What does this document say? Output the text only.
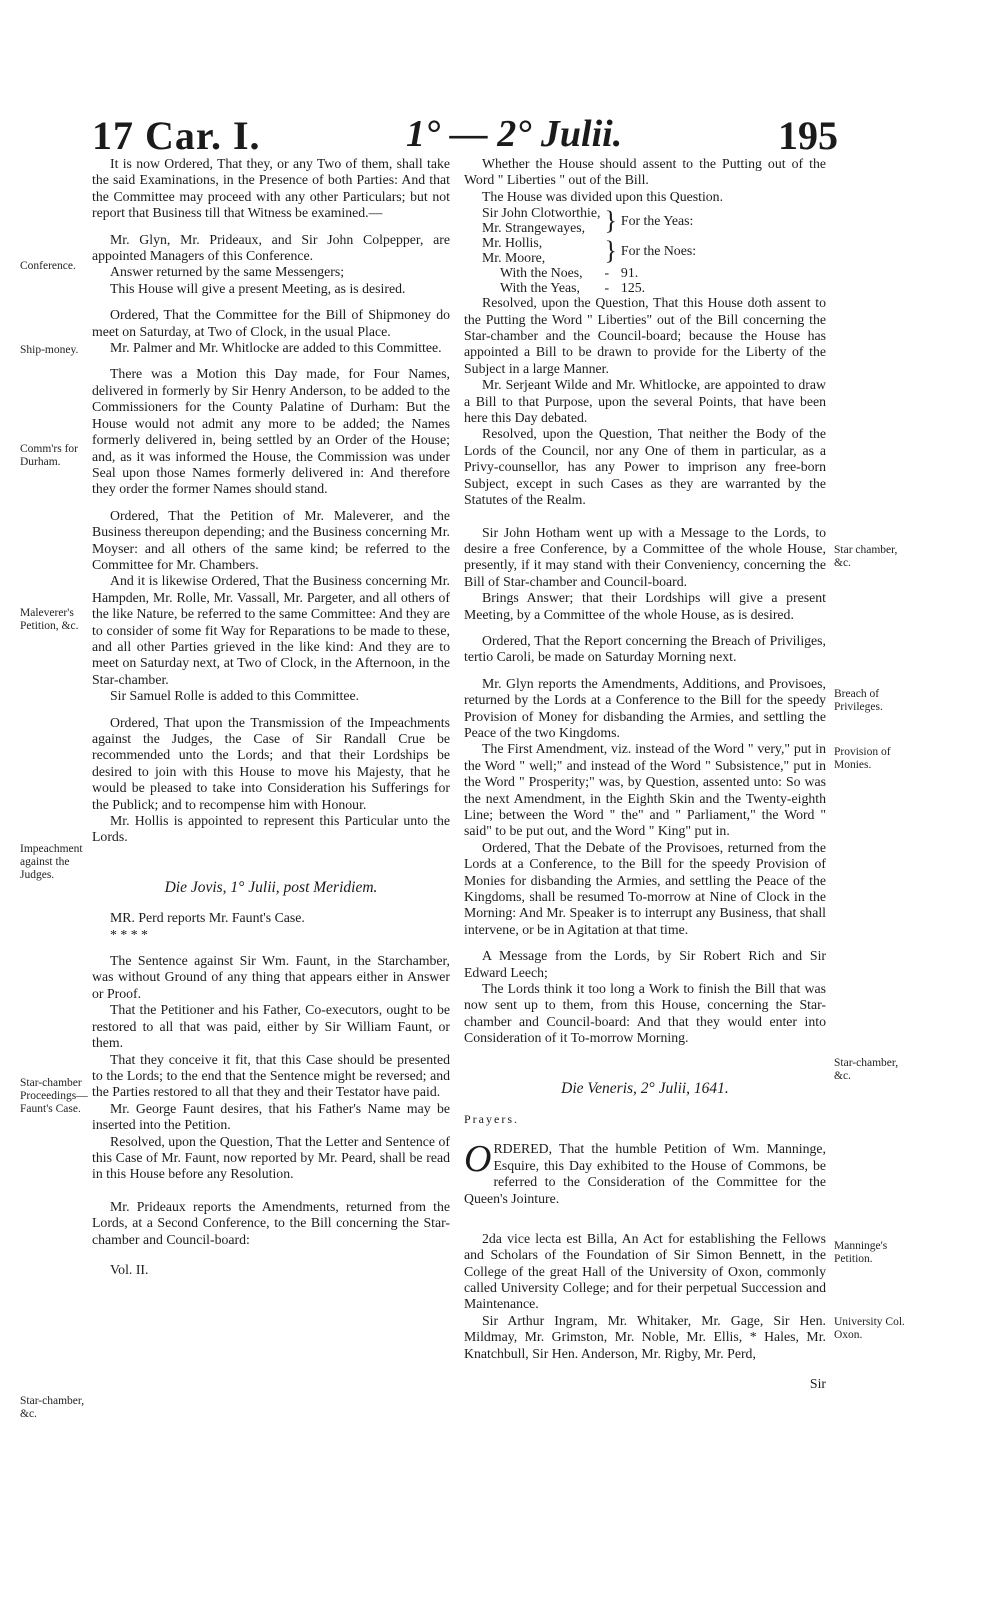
17 Car. I.	1° — 2° Julii.	195

It is now Ordered, That they, or any Two of them, shall take the said Examinations, in the Presence of both Parties: And that the Committee may proceed with any other Particulars; but not report that Business till that Witness be examined.—

Mr. Glyn, Mr. Prideaux, and Sir John Colpepper, are appointed Managers of this Conference.

Answer returned by the same Messengers;

This House will give a present Meeting, as is desired.

Ordered, That the Committee for the Bill of Shipmoney do meet on Saturday, at Two of Clock, in the usual Place.

Mr. Palmer and Mr. Whitlocke are added to this Committee.

There was a Motion this Day made, for Four Names, delivered in formerly by Sir Henry Anderson, to be added to the Commissioners for the County Palatine of Durham: But the House would not admit any more to be added; the Names formerly delivered in, being settled by an Order of the House; and, as it was informed the House, the Commission was under Seal upon those Names formerly delivered in: And therefore they order the former Names should stand.

Ordered, That the Petition of Mr. Maleverer, and the Business thereupon depending; and the Business concerning Mr. Moyser: and all others of the same kind; be referred to the Committee for Mr. Chambers.

And it is likewise Ordered, That the Business concerning Mr. Hampden, Mr. Rolle, Mr. Vassall, Mr. Pargeter, and all others of the like Nature, be referred to the same Committee: And they are to consider of some fit Way for Reparations to be made to these, and all other Parties grieved in the like kind: And they are to meet on Saturday next, at Two of Clock, in the Afternoon, in the Star-chamber.

Sir Samuel Rolle is added to this Committee.

Ordered, That upon the Transmission of the Impeachments against the Judges, the Case of Sir Randall Crue be recommended unto the Lords; and that their Lordships be desired to join with this House to move his Majesty, that he would be pleased to take into Consideration his Sufferings for the Publick; and to recompense him with Honour.

Mr. Hollis is appointed to represent this Particular unto the Lords.

Die Jovis, 1° Julii, post Meridiem.

MR. Perd reports Mr. Faunt's Case.

* * * *

The Sentence against Sir Wm. Faunt, in the Starchamber, was without Ground of any thing that appears either in Answer or Proof.

That the Petitioner and his Father, Co-executors, ought to be restored to all that was paid, either by Sir William Faunt, or them.

That they conceive it fit, that this Case should be presented to the Lords; to the end that the Sentence might be reversed; and the Parties restored to all that they and their Testator have paid.

Mr. George Faunt desires, that his Father's Name may be inserted into the Petition.

Resolved, upon the Question, That the Letter and Sentence of this Case of Mr. Faunt, now reported by Mr. Peard, shall be read in this House before any Resolution.

Mr. Prideaux reports the Amendments, returned from the Lords, at a Second Conference, to the Bill concerning the Star-chamber and Council-board:

Vol. II.

Whether the House should assent to the Putting out of the Word " Liberties " out of the Bill.

The House was divided upon this Question.

Sir John Clotworthie,	}	For the Yeas:
Mr. Strangewayes,		
Mr. Hollis,	}	For the Noes:
Mr. Moore,		
With the Noes,	-	91.
With the Yeas,	-	125.

Resolved, upon the Question, That this House doth assent to the Putting the Word " Liberties" out of the Bill concerning the Star-chamber and the Council-board; because the House has appointed a Bill to be drawn to provide for the Liberty of the Subject in a large Manner.

Mr. Serjeant Wilde and Mr. Whitlocke, are appointed to draw a Bill to that Purpose, upon the several Points, that have been here this Day debated.

Resolved, upon the Question, That neither the Body of the Lords of the Council, nor any One of them in particular, as a Privy-counsellor, has any Power to imprison any free-born Subject, except in such Cases as they are warranted by the Statutes of the Realm.

Sir John Hotham went up with a Message to the Lords, to desire a free Conference, by a Committee of the whole House, presently, if it may stand with their Conveniency, concerning the Bill of Star-chamber and Council-board.

Brings Answer; that their Lordships will give a present Meeting, by a Committee of the whole House, as is desired.

Ordered, That the Report concerning the Breach of Priviliges, tertio Caroli, be made on Saturday Morning next.

Mr. Glyn reports the Amendments, Additions, and Provisoes, returned by the Lords at a Conference to the Bill for the speedy Provision of Money for disbanding the Armies, and settling the Peace of the two Kingdoms.

The First Amendment, viz. instead of the Word " very," put in the Word " well;" and instead of the Word " Subsistence," put in the Word " Prosperity;" was, by Question, assented unto: So was the next Amendment, in the Eighth Skin and the Twenty-eighth Line; between the Word " the" and " Parliament," the Word " said" to be put out, and the Word " King" put in.

Ordered, That the Debate of the Provisoes, returned from the Lords at a Conference, to the Bill for the speedy Provision of Monies for disbanding the Armies, and settling the Peace of the Kingdoms, shall be resumed To-morrow at Nine of Clock in the Morning: And Mr. Speaker is to interrupt any Business, that shall intervene, or be in Agitation at that time.

A Message from the Lords, by Sir Robert Rich and Sir Edward Leech;

The Lords think it too long a Work to finish the Bill that was now sent up to them, from this House, concerning the Star-chamber and Council-board: And that they would enter into Consideration of it To-morrow Morning.

Die Veneris, 2° Julii, 1641.

Prayers.

ORDERED, That the humble Petition of Wm. Manninge, Esquire, this Day exhibited to the House of Commons, be referred to the Consideration of the Committee for the Queen's Jointure.

2da vice lecta est Billa, An Act for establishing the Fellows and Scholars of the Foundation of Sir Simon Bennett, in the College of the great Hall of the University of Oxon, commonly called University College; and for their perpetual Succession and Maintenance.

Sir Arthur Ingram, Mr. Whitaker, Mr. Gage, Sir Hen. Mildmay, Mr. Grimston, Mr. Noble, Mr. Ellis, * Hales, Mr. Knatchbull, Sir Hen. Anderson, Mr. Rigby, Mr. Perd,

Sir

Conference.
Ship-money.
Comm'rs for Durham.
Maleverer's Petition, &c.
Impeachment against the Judges.
Star-chamber Proceedings— Faunt's Case.
Star-chamber, &c.
Star chamber, &c.
Breach of Privileges.
Provision of Monies.
Star-chamber, &c.
Manninge's Petition.
University Col. Oxon.
